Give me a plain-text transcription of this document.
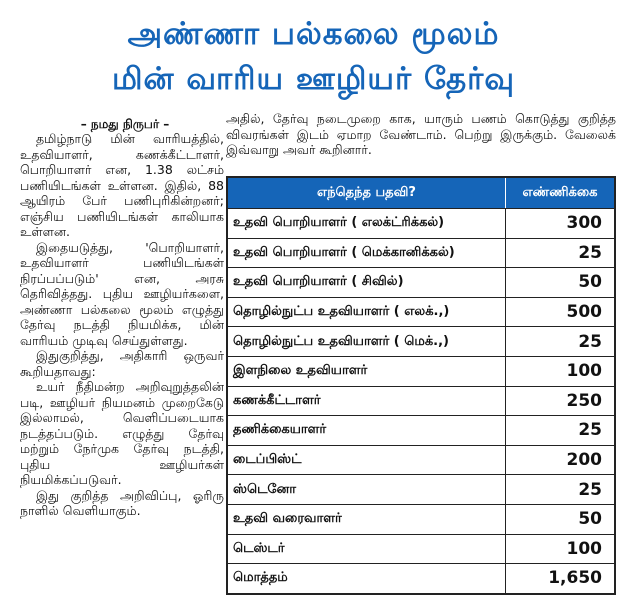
அண்ணா பல்கலை மூலம்
மின் வாரிய ஊழியர் தேர்வு
– நமது நிருபர் –

தமிழ்நாடு மின் வாரியத்தில், உதவியாளர், கணக்கீட்டாளர், பொறியாளர் என, 1.38 லட்சம் பணியிடங்கள் உள்ளன. இதில், 88 ஆயிரம் பேர் பணிபுரிகின்றனர்; எஞ்சிய பணியிடங்கள் காலியாக உள்ளன.

இதையடுத்து, 'பொறியாளர், உதவியாளர் பணியிடங்கள் நிரப்பப்படும்' என, அரசு தெரிவித்தது. புதிய ஊழியர்களை, அண்ணா பல்கலை மூலம் எழுத்து தேர்வு நடத்தி நியமிக்க, மின் வாரியம் முடிவு செய்துள்ளது.

இதுகுறித்து, அதிகாரி ஒருவர் கூறியதாவது:

உயர் நீதிமன்ற அறிவுறுத்தலின் படி, ஊழியர் நியமனம் முறைகேடு இல்லாமல், வெளிப்படையாக நடத்தப்படும். எழுத்து தேர்வு மற்றும் நேர்முக தேர்வு நடத்தி, புதிய ஊழியர்கள் நியமிக்கப்படுவர்.

இது குறித்த அறிவிப்பு, ஓரிரு நாளில் வெளியாகும்.

அதில், தேர்வு நடைமுறை காக, யாரும் பணம் கொடுத்து குறித்த விவரங்கள் இடம் ஏமாற வேண்டாம். பெற்று இருக்கும். வேலைக் இவ்வாறு அவர் கூறினார்.
எந்தெந்த பதவி?	எண்ணிக்கை
உதவி பொறியாளர் ( எலக்ட்ரிக்கல்)	300
உதவி பொறியாளர் ( மெக்கானிக்கல்)	25
உதவி பொறியாளர் ( சிவில்)	50
தொழில்நுட்ப உதவியாளர் ( எலக்.,)	500
தொழில்நுட்ப உதவியாளர் ( மெக்.,)	25
இளநிலை உதவியாளர்	100
கணக்கீட்டாளர்	250
தணிக்கையாளர்	25
டைப்பிஸ்ட்	200
ஸ்டெனோ	25
உதவி வரைவாளர்	50
டெஸ்டர்	100
மொத்தம்	1,650
